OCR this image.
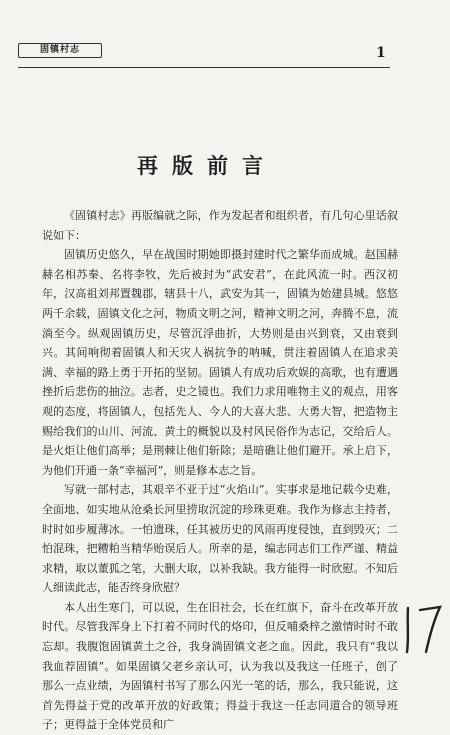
固镇村志	1
再版前言

《固镇村志》再版编就之际，作为发起者和组织者，有几句心里话叙说如下：

固镇历史悠久，早在战国时期她即摄封建时代之繁华而成城。赵国赫赫名相苏秦、名将李牧，先后被封为“武安君”，在此风流一时。西汉初年，汉高祖刘邦置魏郡，辖县十八，武安为其一，固镇为始建县城。悠悠两千余载，固镇文化之河，物质文明之河，精神文明之河，奔腾不息，流淌至今。纵观固镇历史，尽管沉浮曲折，大势则是由兴到衰，又由衰到兴。其间响彻着固镇人和天灾人祸抗争的呐喊，贯注着固镇人在追求美满、幸福的路上勇于开拓的坚韧。固镇人有成功后欢娱的高歌，也有遭遇挫折后悲伤的抽泣。志者，史之镜也。我们力求用唯物主义的观点，用客观的态度，将固镇人，包括先人、今人的大喜大悲、大勇大智，把造物主赐给我们的山川、河流、黄土的概貌以及村风民俗作为志记，交给后人。是火炬让他们高举；是荆棘让他们斩除；是暗礁让他们避开。承上启下，为他们开通一条“幸福河”，则是修本志之旨。

写就一部村志，其艰辛不亚于过“火焰山”。实事求是地记载今史难，全面地、如实地从沧桑长河里捞取沉淀的珍珠更难。我作为修志主持者，时时如步履薄冰。一怕遗珠，任其被历史的风雨再度侵蚀，直到毁灭；二怕混珠，把糟粕当精华贻误后人。所幸的是，编志同志们工作严谨、精益求精，取以董狐之笔，大删大取，以补我缺。我方能得一时欣慰。不知后人细读此志，能否终身欣慰？

本人出生寒门，可以说，生在旧社会，长在红旗下，奋斗在改革开放时代。尽管我浑身上下打着不同时代的烙印，但反哺桑梓之激情时时不敢忘却。我腹饱固镇黄土之谷，我身淌固镇文老之血。因此，我只有“我以我血荐固镇”。如果固镇父老乡亲认可，认为我以及我这一任班子，创了那么一点业绩，为固镇村书写了那么闪光一笔的话，那么，我只能说，这首先得益于党的改革开放的好政策；得益于我这一任志同道合的领导班子；更得益于全体党员和广
